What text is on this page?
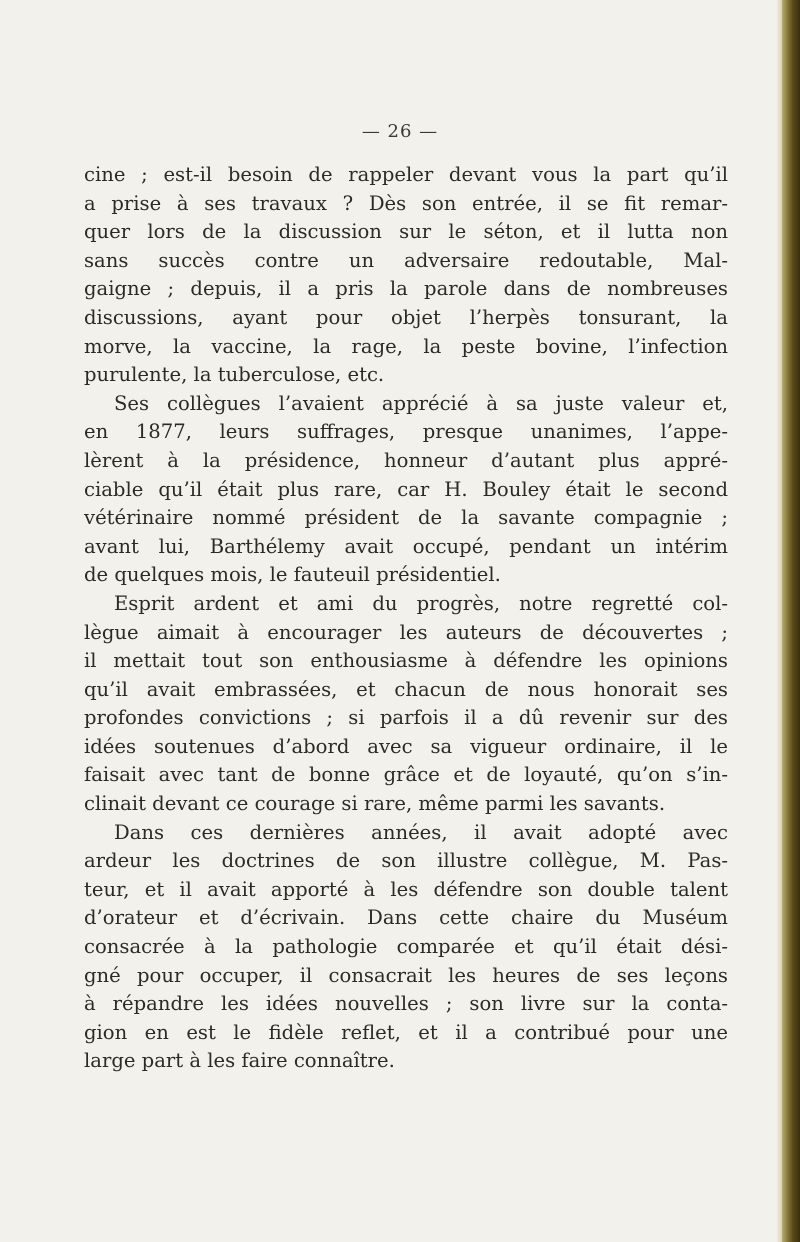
— 26 —
cine ; est-il besoin de rappeler devant vous la part qu’il
a prise à ses travaux ? Dès son entrée, il se fit remar-
quer lors de la discussion sur le séton, et il lutta non
sans succès contre un adversaire redoutable, Mal-
gaigne ; depuis, il a pris la parole dans de nombreuses
discussions, ayant pour objet l’herpès tonsurant, la
morve, la vaccine, la rage, la peste bovine, l’infection
purulente, la tuberculose, etc.
Ses collègues l’avaient apprécié à sa juste valeur et,
en 1877, leurs suffrages, presque unanimes, l’appe-
lèrent à la présidence, honneur d’autant plus appré-
ciable qu’il était plus rare, car H. Bouley était le second
vétérinaire nommé président de la savante compagnie ;
avant lui, Barthélemy avait occupé, pendant un intérim
de quelques mois, le fauteuil présidentiel.
Esprit ardent et ami du progrès, notre regretté col-
lègue aimait à encourager les auteurs de découvertes ;
il mettait tout son enthousiasme à défendre les opinions
qu’il avait embrassées, et chacun de nous honorait ses
profondes convictions ; si parfois il a dû revenir sur des
idées soutenues d’abord avec sa vigueur ordinaire, il le
faisait avec tant de bonne grâce et de loyauté, qu’on s’in-
clinait devant ce courage si rare, même parmi les savants.
Dans ces dernières années, il avait adopté avec
ardeur les doctrines de son illustre collègue, M. Pas-
teur, et il avait apporté à les défendre son double talent
d’orateur et d’écrivain. Dans cette chaire du Muséum
consacrée à la pathologie comparée et qu’il était dési-
gné pour occuper, il consacrait les heures de ses leçons
à répandre les idées nouvelles ; son livre sur la conta-
gion en est le fidèle reflet, et il a contribué pour une
large part à les faire connaître.
